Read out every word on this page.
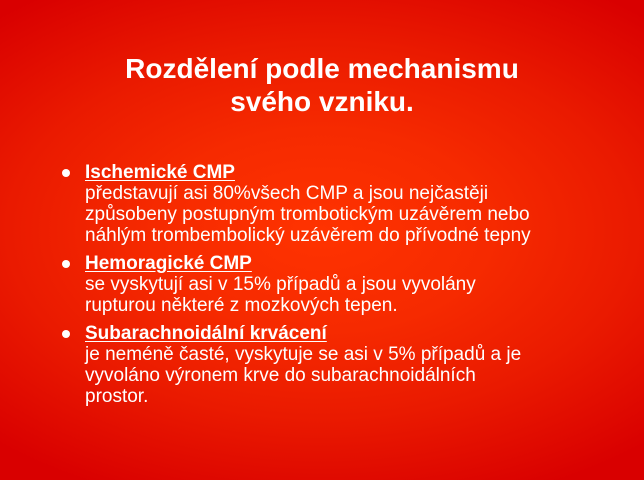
Rozdělení podle mechanismu
svého vzniku.
Ischemické CMP
představují asi 80%všech CMP a jsou nejčastěji
způsobeny postupným trombotickým uzávěrem nebo
náhlým trombembolický uzávěrem do přívodné tepny
Hemoragické CMP
se vyskytují asi v 15% případů a jsou vyvolány
rupturou některé z mozkových tepen.
Subarachnoidální krvácení
je neméně časté, vyskytuje se asi v 5% případů a je
vyvoláno výronem krve do subarachnoidálních
prostor.
